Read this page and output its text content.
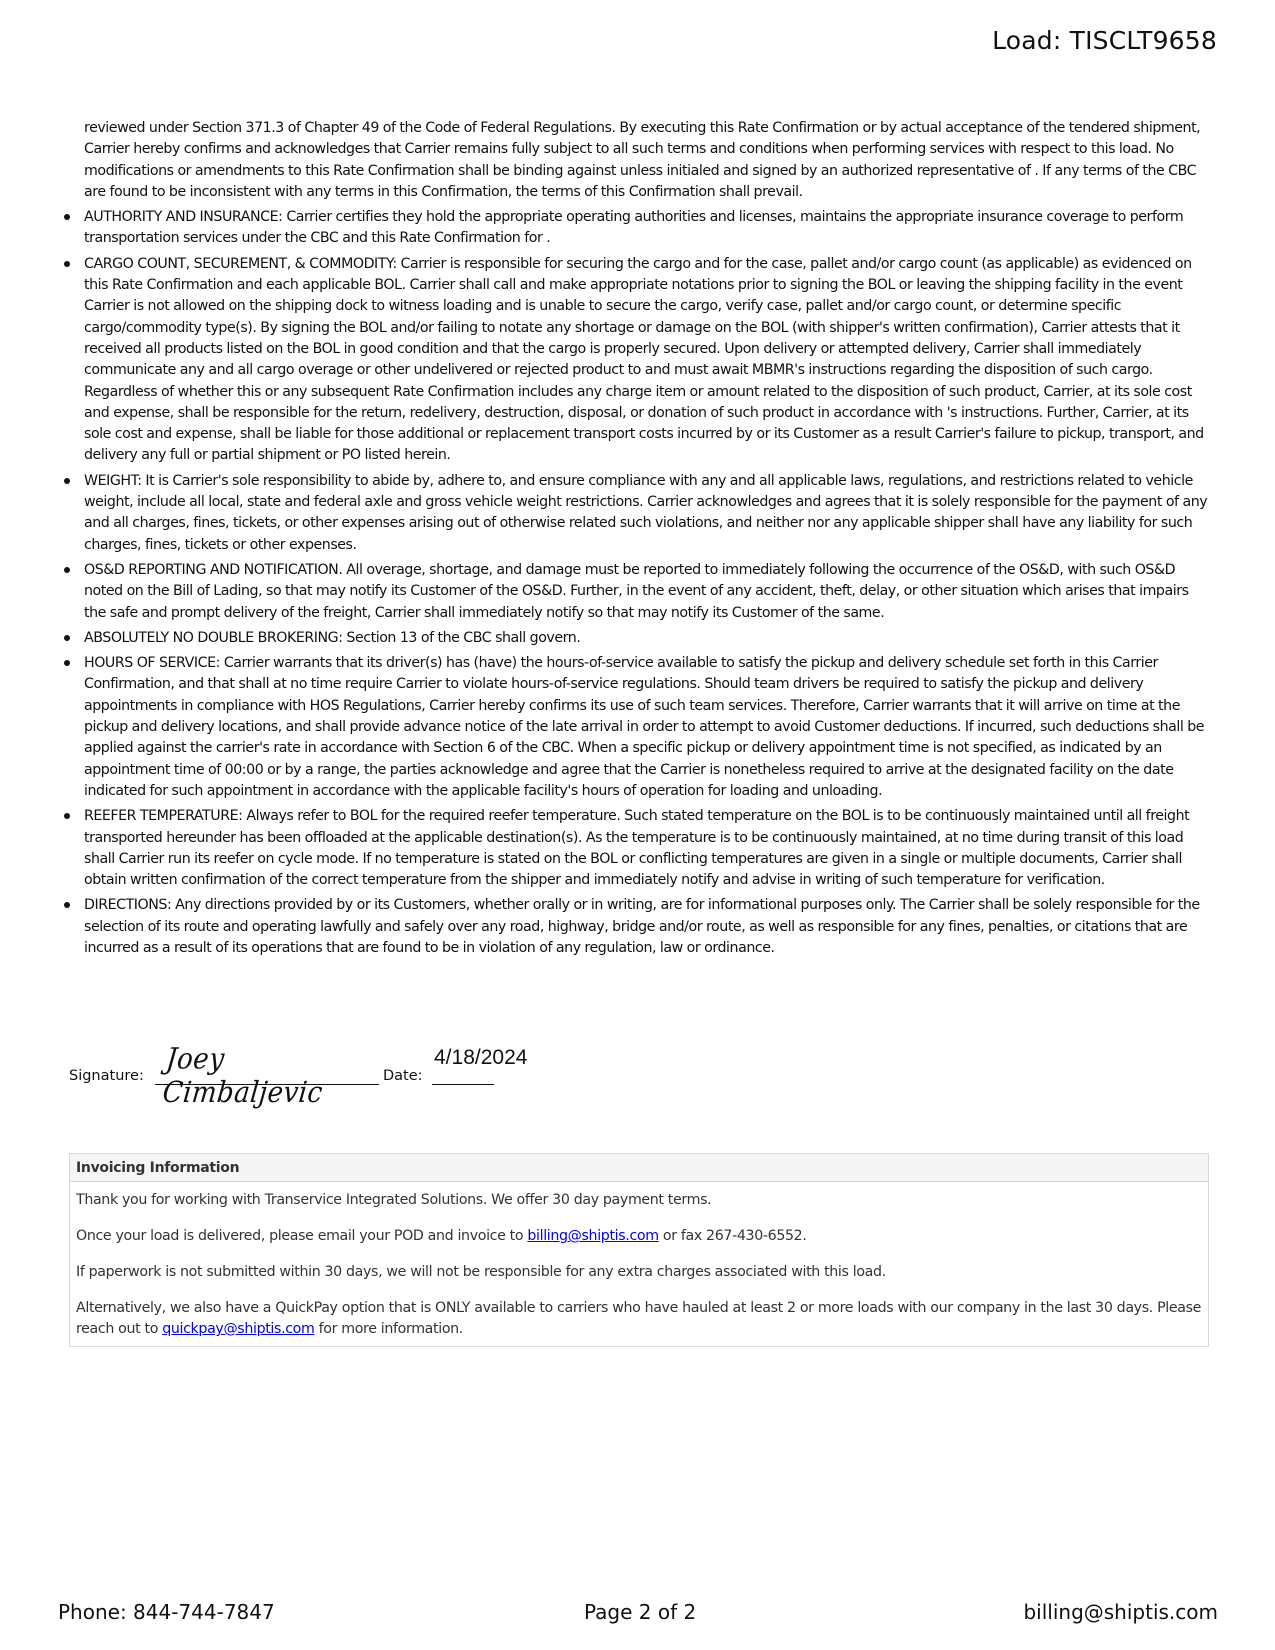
Load: TISCLT9658
reviewed under Section 371.3 of Chapter 49 of the Code of Federal Regulations. By executing this Rate Confirmation or by actual acceptance of the tendered shipment, Carrier hereby confirms and acknowledges that Carrier remains fully subject to all such terms and conditions when performing services with respect to this load. No modifications or amendments to this Rate Confirmation shall be binding against unless initialed and signed by an authorized representative of . If any terms of the CBC are found to be inconsistent with any terms in this Confirmation, the terms of this Confirmation shall prevail.
AUTHORITY AND INSURANCE: Carrier certifies they hold the appropriate operating authorities and licenses, maintains the appropriate insurance coverage to perform transportation services under the CBC and this Rate Confirmation for .
CARGO COUNT, SECUREMENT, & COMMODITY: Carrier is responsible for securing the cargo and for the case, pallet and/or cargo count (as applicable) as evidenced on this Rate Confirmation and each applicable BOL. Carrier shall call and make appropriate notations prior to signing the BOL or leaving the shipping facility in the event Carrier is not allowed on the shipping dock to witness loading and is unable to secure the cargo, verify case, pallet and/or cargo count, or determine specific cargo/commodity type(s). By signing the BOL and/or failing to notate any shortage or damage on the BOL (with shipper's written confirmation), Carrier attests that it received all products listed on the BOL in good condition and that the cargo is properly secured. Upon delivery or attempted delivery, Carrier shall immediately communicate any and all cargo overage or other undelivered or rejected product to and must await MBMR's instructions regarding the disposition of such cargo. Regardless of whether this or any subsequent Rate Confirmation includes any charge item or amount related to the disposition of such product, Carrier, at its sole cost and expense, shall be responsible for the return, redelivery, destruction, disposal, or donation of such product in accordance with 's instructions. Further, Carrier, at its sole cost and expense, shall be liable for those additional or replacement transport costs incurred by or its Customer as a result Carrier's failure to pickup, transport, and delivery any full or partial shipment or PO listed herein.
WEIGHT: It is Carrier's sole responsibility to abide by, adhere to, and ensure compliance with any and all applicable laws, regulations, and restrictions related to vehicle weight, include all local, state and federal axle and gross vehicle weight restrictions. Carrier acknowledges and agrees that it is solely responsible for the payment of any and all charges, fines, tickets, or other expenses arising out of otherwise related such violations, and neither nor any applicable shipper shall have any liability for such charges, fines, tickets or other expenses.
OS&D REPORTING AND NOTIFICATION. All overage, shortage, and damage must be reported to immediately following the occurrence of the OS&D, with such OS&D noted on the Bill of Lading, so that may notify its Customer of the OS&D. Further, in the event of any accident, theft, delay, or other situation which arises that impairs the safe and prompt delivery of the freight, Carrier shall immediately notify so that may notify its Customer of the same.
ABSOLUTELY NO DOUBLE BROKERING: Section 13 of the CBC shall govern.
HOURS OF SERVICE: Carrier warrants that its driver(s) has (have) the hours-of-service available to satisfy the pickup and delivery schedule set forth in this Carrier Confirmation, and that shall at no time require Carrier to violate hours-of-service regulations. Should team drivers be required to satisfy the pickup and delivery appointments in compliance with HOS Regulations, Carrier hereby confirms its use of such team services. Therefore, Carrier warrants that it will arrive on time at the pickup and delivery locations, and shall provide advance notice of the late arrival in order to attempt to avoid Customer deductions. If incurred, such deductions shall be applied against the carrier's rate in accordance with Section 6 of the CBC. When a specific pickup or delivery appointment time is not specified, as indicated by an appointment time of 00:00 or by a range, the parties acknowledge and agree that the Carrier is nonetheless required to arrive at the designated facility on the date indicated for such appointment in accordance with the applicable facility's hours of operation for loading and unloading.
REEFER TEMPERATURE: Always refer to BOL for the required reefer temperature. Such stated temperature on the BOL is to be continuously maintained until all freight transported hereunder has been offloaded at the applicable destination(s). As the temperature is to be continuously maintained, at no time during transit of this load shall Carrier run its reefer on cycle mode. If no temperature is stated on the BOL or conflicting temperatures are given in a single or multiple documents, Carrier shall obtain written confirmation of the correct temperature from the shipper and immediately notify and advise in writing of such temperature for verification.
DIRECTIONS: Any directions provided by or its Customers, whether orally or in writing, are for informational purposes only. The Carrier shall be solely responsible for the selection of its route and operating lawfully and safely over any road, highway, bridge and/or route, as well as responsible for any fines, penalties, or citations that are incurred as a result of its operations that are found to be in violation of any regulation, law or ordinance.
Signature: Joey Cimbaljevic
Date:
4/18/2024
Invoicing Information

Thank you for working with Transervice Integrated Solutions. We offer 30 day payment terms.

Once your load is delivered, please email your POD and invoice to billing@shiptis.com or fax 267-430-6552.

If paperwork is not submitted within 30 days, we will not be responsible for any extra charges associated with this load.

Alternatively, we also have a QuickPay option that is ONLY available to carriers who have hauled at least 2 or more loads with our company in the last 30 days. Please reach out to quickpay@shiptis.com for more information.

Phone: 844-744-7847	Page 2 of 2	billing@shiptis.com
